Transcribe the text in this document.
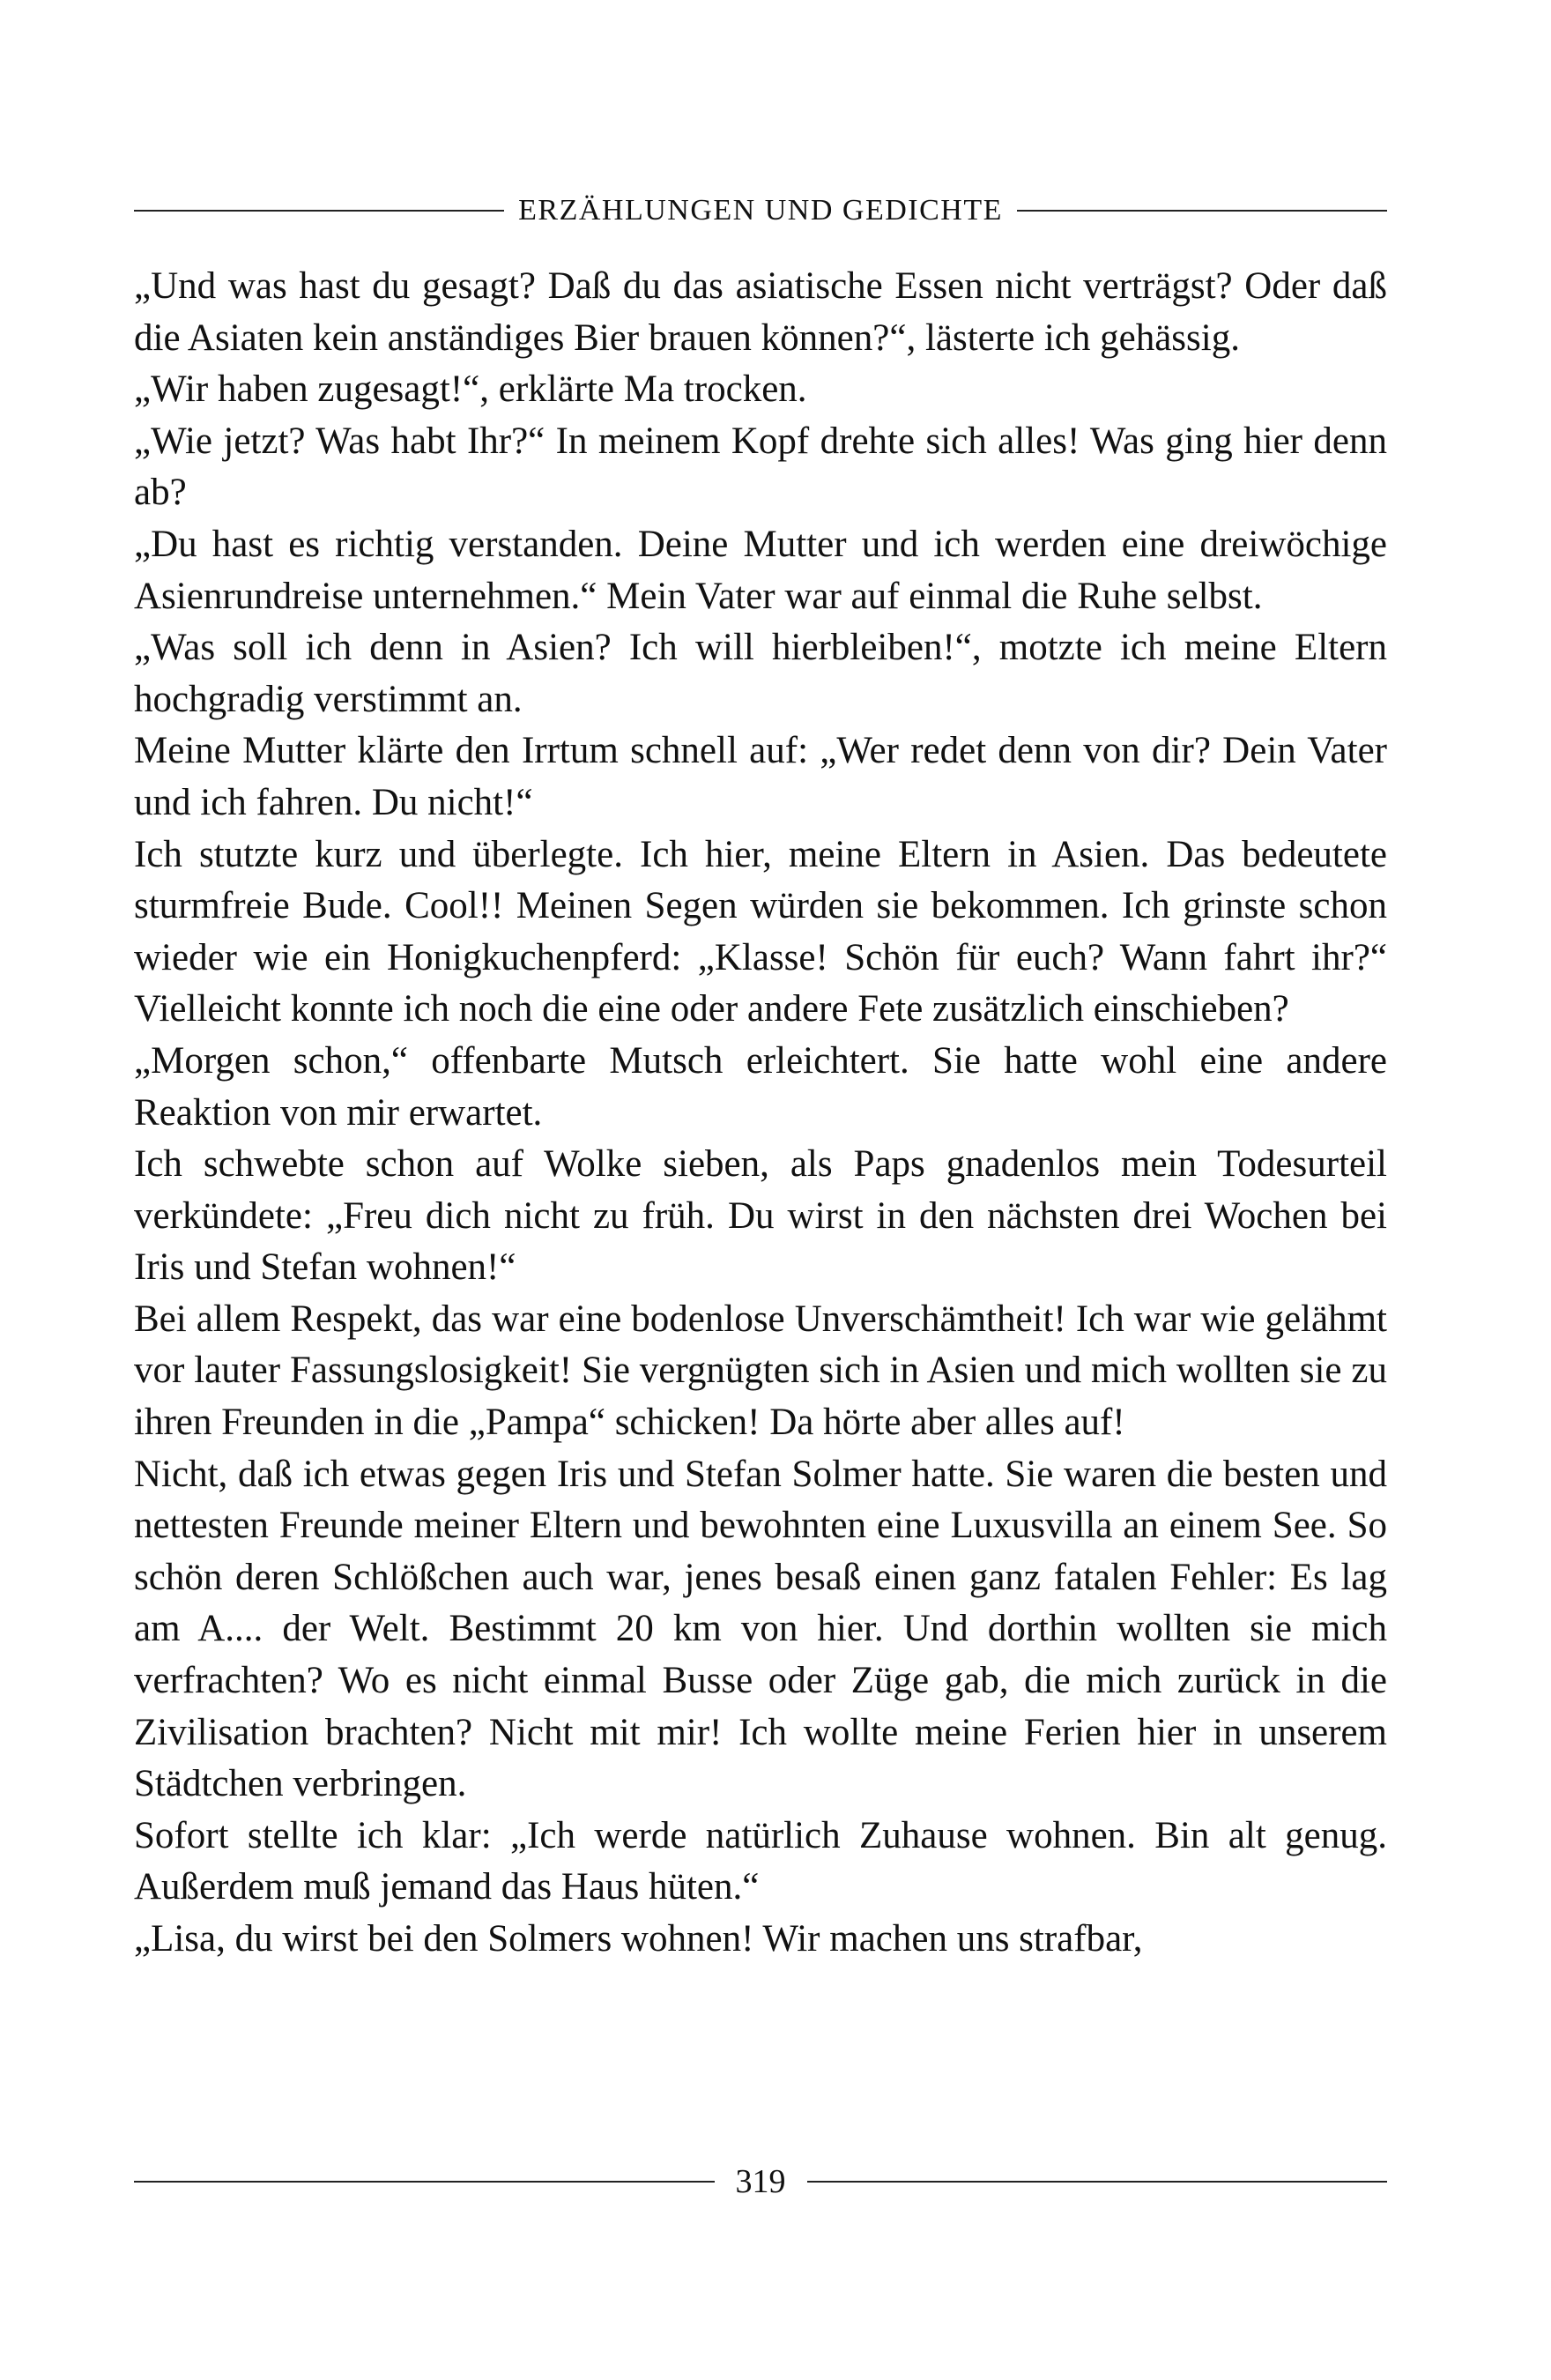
ERZÄHLUNGEN UND GEDICHTE

„Und was hast du gesagt? Daß du das asiatische Essen nicht verträgst? Oder daß die Asiaten kein anständiges Bier brauen können?“, lästerte ich gehässig.

„Wir haben zugesagt!“, erklärte Ma trocken.

„Wie jetzt? Was habt Ihr?“ In meinem Kopf drehte sich alles! Was ging hier denn ab?

„Du hast es richtig verstanden. Deine Mutter und ich werden eine dreiwöchige Asienrundreise unternehmen.“ Mein Vater war auf einmal die Ruhe selbst.

„Was soll ich denn in Asien? Ich will hierbleiben!“, motzte ich meine Eltern hochgradig verstimmt an.

Meine Mutter klärte den Irrtum schnell auf: „Wer redet denn von dir? Dein Vater und ich fahren. Du nicht!“

Ich stutzte kurz und überlegte. Ich hier, meine Eltern in Asien. Das bedeutete sturmfreie Bude. Cool!! Meinen Segen würden sie bekommen. Ich grinste schon wieder wie ein Honigkuchenpferd: „Klasse! Schön für euch? Wann fahrt ihr?“ Vielleicht konnte ich noch die eine oder andere Fete zusätzlich einschieben?

„Morgen schon,“ offenbarte Mutsch erleichtert. Sie hatte wohl eine andere Reaktion von mir erwartet.

Ich schwebte schon auf Wolke sieben, als Paps gnadenlos mein Todesurteil verkündete: „Freu dich nicht zu früh. Du wirst in den nächsten drei Wochen bei Iris und Stefan wohnen!“

Bei allem Respekt, das war eine bodenlose Unverschämtheit! Ich war wie gelähmt vor lauter Fassungslosigkeit! Sie vergnügten sich in Asien und mich wollten sie zu ihren Freunden in die „Pampa“ schicken! Da hörte aber alles auf!

Nicht, daß ich etwas gegen Iris und Stefan Solmer hatte. Sie waren die besten und nettesten Freunde meiner Eltern und bewohnten eine Luxusvilla an einem See. So schön deren Schlößchen auch war, jenes besaß einen ganz fatalen Fehler: Es lag am A.... der Welt. Bestimmt 20 km von hier. Und dorthin wollten sie mich verfrachten? Wo es nicht einmal Busse oder Züge gab, die mich zurück in die Zivilisation brachten? Nicht mit mir! Ich wollte meine Ferien hier in unserem Städtchen verbringen.

Sofort stellte ich klar: „Ich werde natürlich Zuhause wohnen. Bin alt genug. Außerdem muß jemand das Haus hüten.“

„Lisa, du wirst bei den Solmers wohnen! Wir machen uns strafbar,

319
